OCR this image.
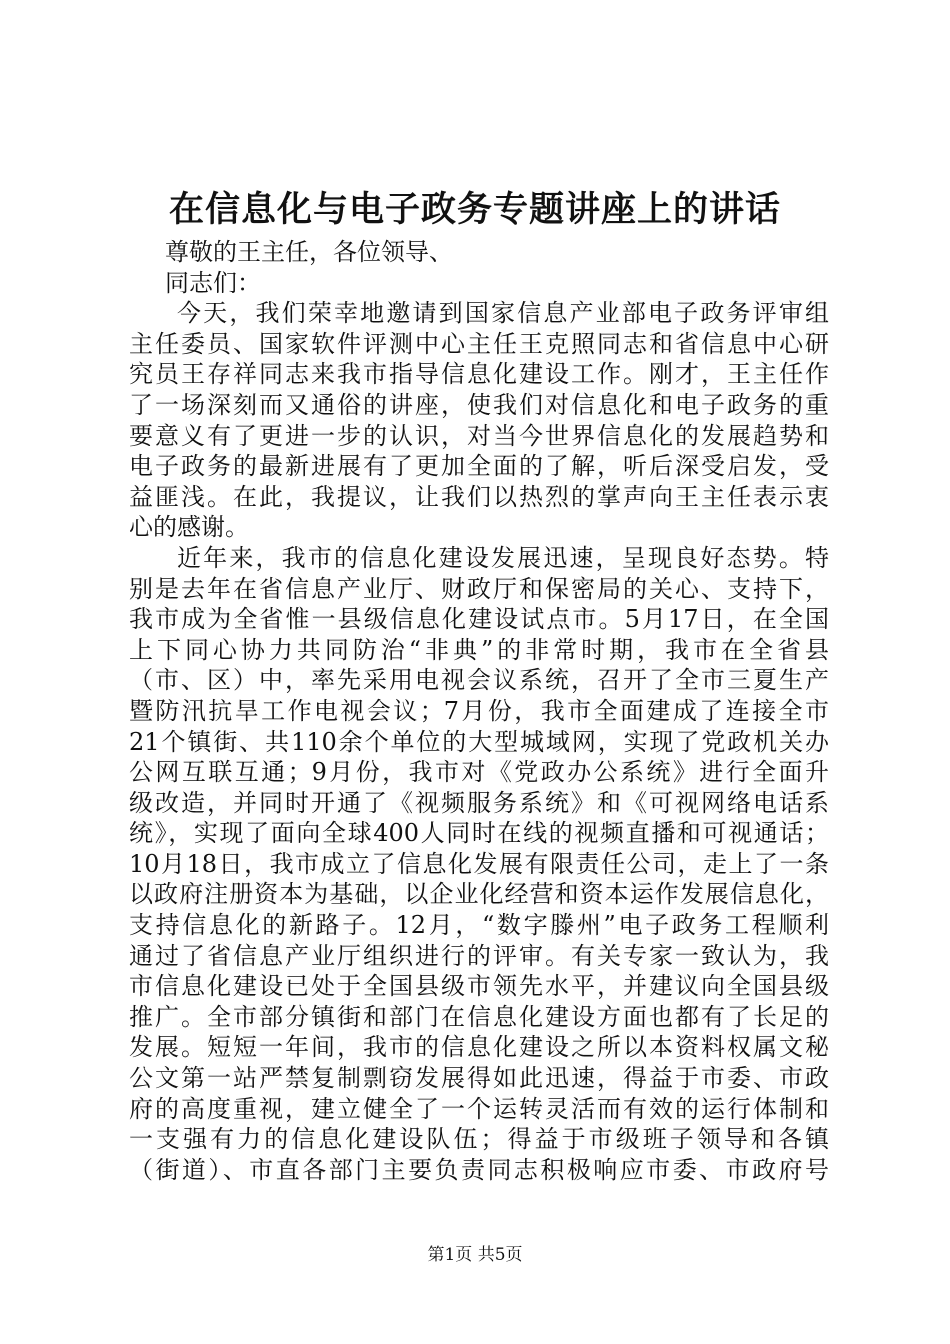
在信息化与电子政务专题讲座上的讲话
尊敬的王主任，各位领导、
同志们：
今天，我们荣幸地邀请到国家信息产业部电子政务评审组
主任委员、国家软件评测中心主任王克照同志和省信息中心研
究员王存祥同志来我市指导信息化建设工作。刚才，王主任作
了一场深刻而又通俗的讲座，使我们对信息化和电子政务的重
要意义有了更进一步的认识，对当今世界信息化的发展趋势和
电子政务的最新进展有了更加全面的了解，听后深受启发，受
益匪浅。在此，我提议，让我们以热烈的掌声向王主任表示衷
心的感谢。
近年来，我市的信息化建设发展迅速，呈现良好态势。特
别是去年在省信息产业厅、财政厅和保密局的关心、支持下，
我市成为全省惟一县级信息化建设试点市。5月17日，在全国
上下同心协力共同防治“非典”的非常时期，我市在全省县
（市、区）中，率先采用电视会议系统，召开了全市三夏生产
暨防汛抗旱工作电视会议；7月份，我市全面建成了连接全市
21个镇街、共110余个单位的大型城域网，实现了党政机关办
公网互联互通；9月份，我市对《党政办公系统》进行全面升
级改造，并同时开通了《视频服务系统》和《可视网络电话系
统》，实现了面向全球400人同时在线的视频直播和可视通话；
10月18日，我市成立了信息化发展有限责任公司，走上了一条
以政府注册资本为基础，以企业化经营和资本运作发展信息化，
支持信息化的新路子。12月，“数字滕州”电子政务工程顺利
通过了省信息产业厅组织进行的评审。有关专家一致认为，我
市信息化建设已处于全国县级市领先水平，并建议向全国县级
推广。全市部分镇街和部门在信息化建设方面也都有了长足的
发展。短短一年间，我市的信息化建设之所以本资料权属文秘
公文第一站严禁复制剽窃发展得如此迅速，得益于市委、市政
府的高度重视，建立健全了一个运转灵活而有效的运行体制和
一支强有力的信息化建设队伍；得益于市级班子领导和各镇
（街道）、市直各部门主要负责同志积极响应市委、市政府号
第1页 共5页
